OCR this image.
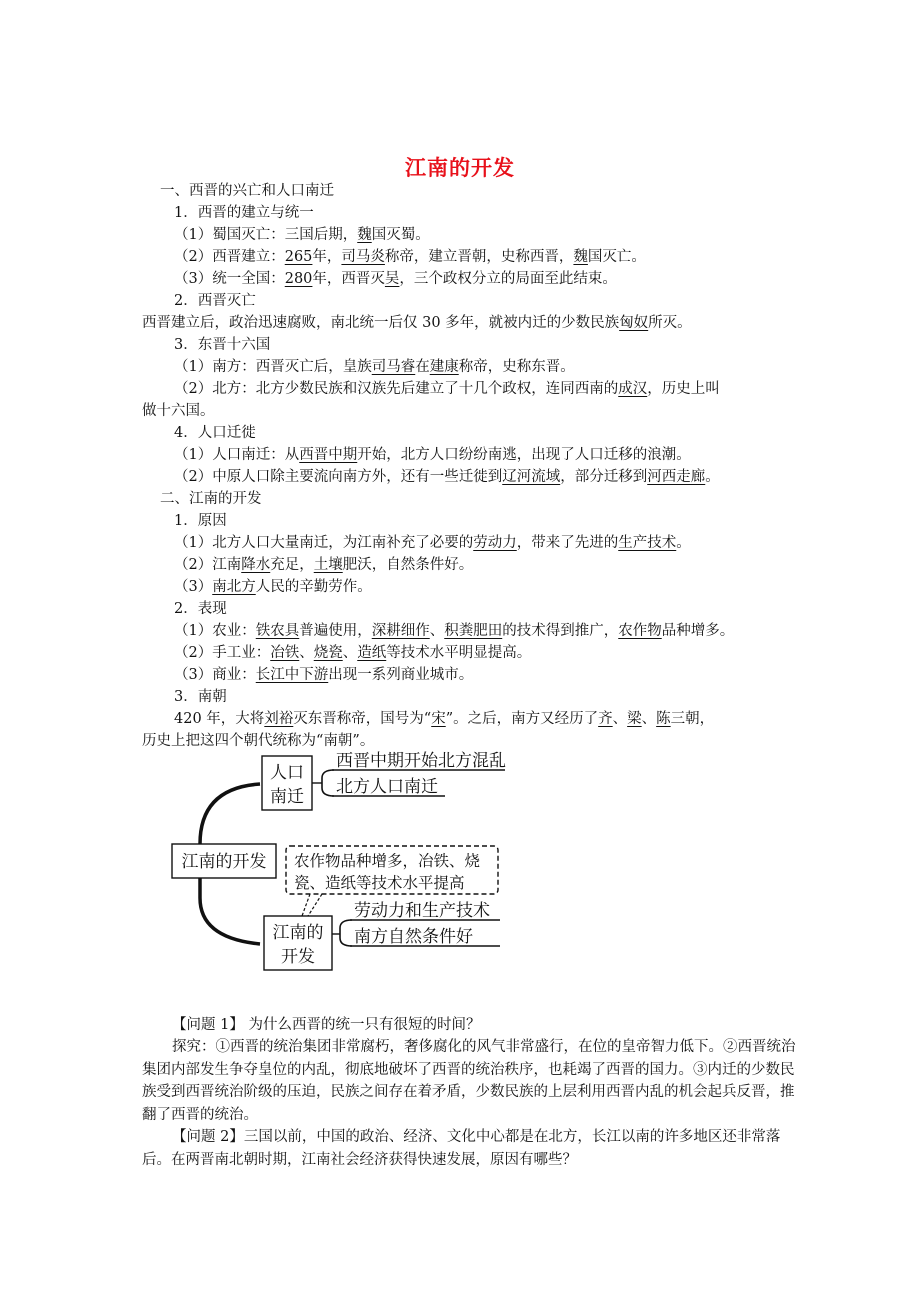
江南的开发
一、西晋的兴亡和人口南迁
1．西晋的建立与统一
（1）蜀国灭亡：三国后期，魏国灭蜀。
（2）西晋建立：265年，司马炎称帝，建立晋朝，史称西晋，魏国灭亡。
（3）统一全国：280年，西晋灭吴，三个政权分立的局面至此结束。
2．西晋灭亡
西晋建立后，政治迅速腐败，南北统一后仅 30 多年，就被内迁的少数民族匈奴所灭。
3．东晋十六国
（1）南方：西晋灭亡后，皇族司马睿在建康称帝，史称东晋。
（2）北方：北方少数民族和汉族先后建立了十几个政权，连同西南的成汉，历史上叫
做十六国。
4．人口迁徙
（1）人口南迁：从西晋中期开始，北方人口纷纷南逃，出现了人口迁移的浪潮。
（2）中原人口除主要流向南方外，还有一些迁徙到辽河流域，部分迁移到河西走廊。
二、江南的开发
1．原因
（1）北方人口大量南迁，为江南补充了必要的劳动力，带来了先进的生产技术。
（2）江南降水充足，土壤肥沃，自然条件好。
（3）南北方人民的辛勤劳作。
2．表现
（1）农业：铁农具普遍使用，深耕细作、积粪肥田的技术得到推广，农作物品种增多。
（2）手工业：冶铁、烧瓷、造纸等技术水平明显提高。
（3）商业：长江中下游出现一系列商业城市。
3．南朝
420 年，大将刘裕灭东晋称帝，国号为“宋”。之后，南方又经历了齐、梁、陈三朝，
历史上把这四个朝代统称为“南朝”。
江南的开发
人口
南迁
西晋中期开始北方混乱
北方人口南迁
农作物品种增多，冶铁、烧
瓷、造纸等技术水平提高
江南的
开发
劳动力和生产技术
南方自然条件好
【问题 1】 为什么西晋的统一只有很短的时间？
探究：①西晋的统治集团非常腐朽，奢侈腐化的风气非常盛行，在位的皇帝智力低下。②西晋统治集团内部发生争夺皇位的内乱，彻底地破坏了西晋的统治秩序，也耗竭了西晋的国力。③内迁的少数民族受到西晋统治阶级的压迫，民族之间存在着矛盾，少数民族的上层利用西晋内乱的机会起兵反晋，推翻了西晋的统治。
【问题 2】三国以前，中国的政治、经济、文化中心都是在北方，长江以南的许多地区还非常落后。在两晋南北朝时期，江南社会经济获得快速发展，原因有哪些？
